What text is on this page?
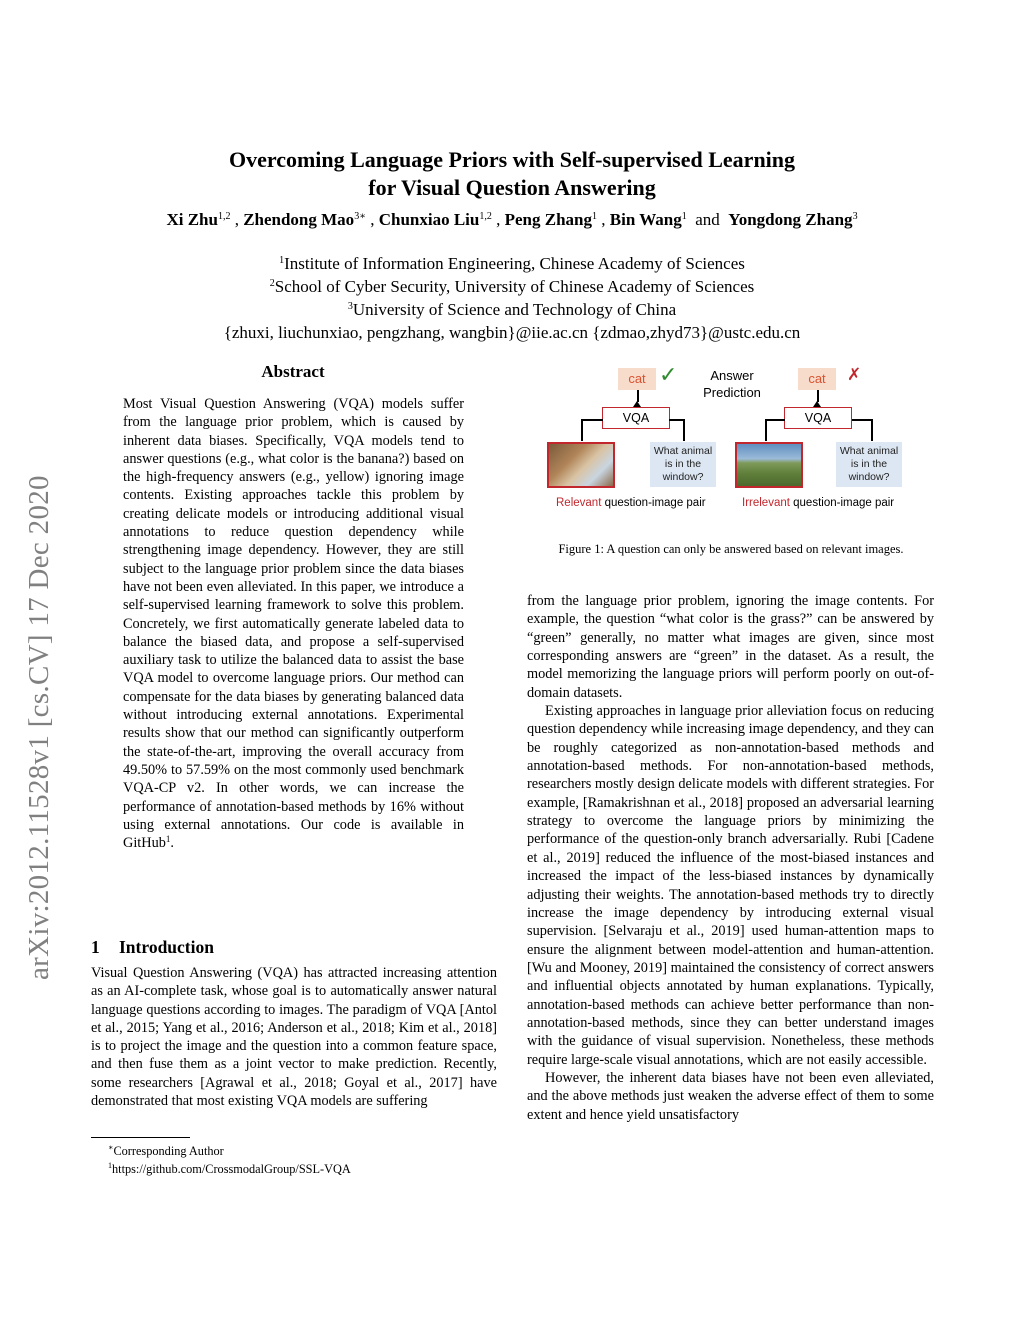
Overcoming Language Priors with Self-supervised Learning
for Visual Question Answering
Xi Zhu$^{1,2}$ , Zhendong Mao$^{3∗}$ , Chunxiao Liu$^{1,2}$ , Peng Zhang$^1$ , Bin Wang$^1$ and Yongdong Zhang$^3$
$^1$Institute of Information Engineering, Chinese Academy of Sciences
$^2$School of Cyber Security, University of Chinese Academy of Sciences
$^3$University of Science and Technology of China
{zhuxi, liuchunxiao, pengzhang, wangbin}@iie.ac.cn {zdmao,zhyd73}@ustc.edu.cn
arXiv:2012.11528v1 [cs.CV] 17 Dec 2020
Abstract
Most Visual Question Answering (VQA) models suffer from the language prior problem, which is caused by inherent data biases. Specifically, VQA models tend to answer questions (e.g., what color is the banana?) based on the high-frequency answers (e.g., yellow) ignoring image contents. Existing approaches tackle this problem by creating delicate models or introducing additional visual annotations to reduce question dependency while strengthening image dependency. However, they are still subject to the language prior problem since the data biases have not been even alleviated. In this paper, we introduce a self-supervised learning framework to solve this problem. Concretely, we first automatically generate labeled data to balance the biased data, and propose a self-supervised auxiliary task to utilize the balanced data to assist the base VQA model to overcome language priors. Our method can compensate for the data biases by generating balanced data without introducing external annotations. Experimental results show that our method can significantly outperform the state-of-the-art, improving the overall accuracy from 49.50% to 57.59% on the most commonly used benchmark VQA-CP v2. In other words, we can increase the performance of annotation-based methods by 16% without using external annotations. Our code is available in GitHub$^1$.
1 Introduction
Visual Question Answering (VQA) has attracted increasing attention as an AI-complete task, whose goal is to automatically answer natural language questions according to images. The paradigm of VQA [Antol et al., 2015; Yang et al., 2016; Anderson et al., 2018; Kim et al., 2018] is to project the image and the question into a common feature space, and then fuse them as a joint vector to make prediction. Recently, some researchers [Agrawal et al., 2018; Goyal et al., 2017] have demonstrated that most existing VQA models are suffering
∗Corresponding Author
$^1$https://github.com/CrossmodalGroup/SSL-VQA
cat ✓
VQA
What animal is in the window?
Relevant question-image pair
Answer
Prediction
cat	✗
VQA
What animal is in the window?
Irrelevant question-image pair
Figure 1: A question can only be answered based on relevant images.

from the language prior problem, ignoring the image contents. For example, the question “what color is the grass?” can be answered by “green” generally, no matter what images are given, since most corresponding answers are “green” in the dataset. As a result, the model memorizing the language priors will perform poorly on out-of-domain datasets.

Existing approaches in language prior alleviation focus on reducing question dependency while increasing image dependency, and they can be roughly categorized as non-annotation-based methods and annotation-based methods. For non-annotation-based methods, researchers mostly design delicate models with different strategies. For example, [Ramakrishnan et al., 2018] proposed an adversarial learning strategy to overcome the language priors by minimizing the performance of the question-only branch adversarially. Rubi [Cadene et al., 2019] reduced the influence of the most-biased instances and increased the impact of the less-biased instances by dynamically adjusting their weights. The annotation-based methods try to directly increase the image dependency by introducing external visual supervision. [Selvaraju et al., 2019] used human-attention maps to ensure the alignment between model-attention and human-attention. [Wu and Mooney, 2019] maintained the consistency of correct answers and influential objects annotated by human explanations. Typically, annotation-based methods can achieve better performance than non-annotation-based methods, since they can better understand images with the guidance of visual supervision. Nonetheless, these methods require large-scale visual annotations, which are not easily accessible.

However, the inherent data biases have not been even alleviated, and the above methods just weaken the adverse effect of them to some extent and hence yield unsatisfactory
